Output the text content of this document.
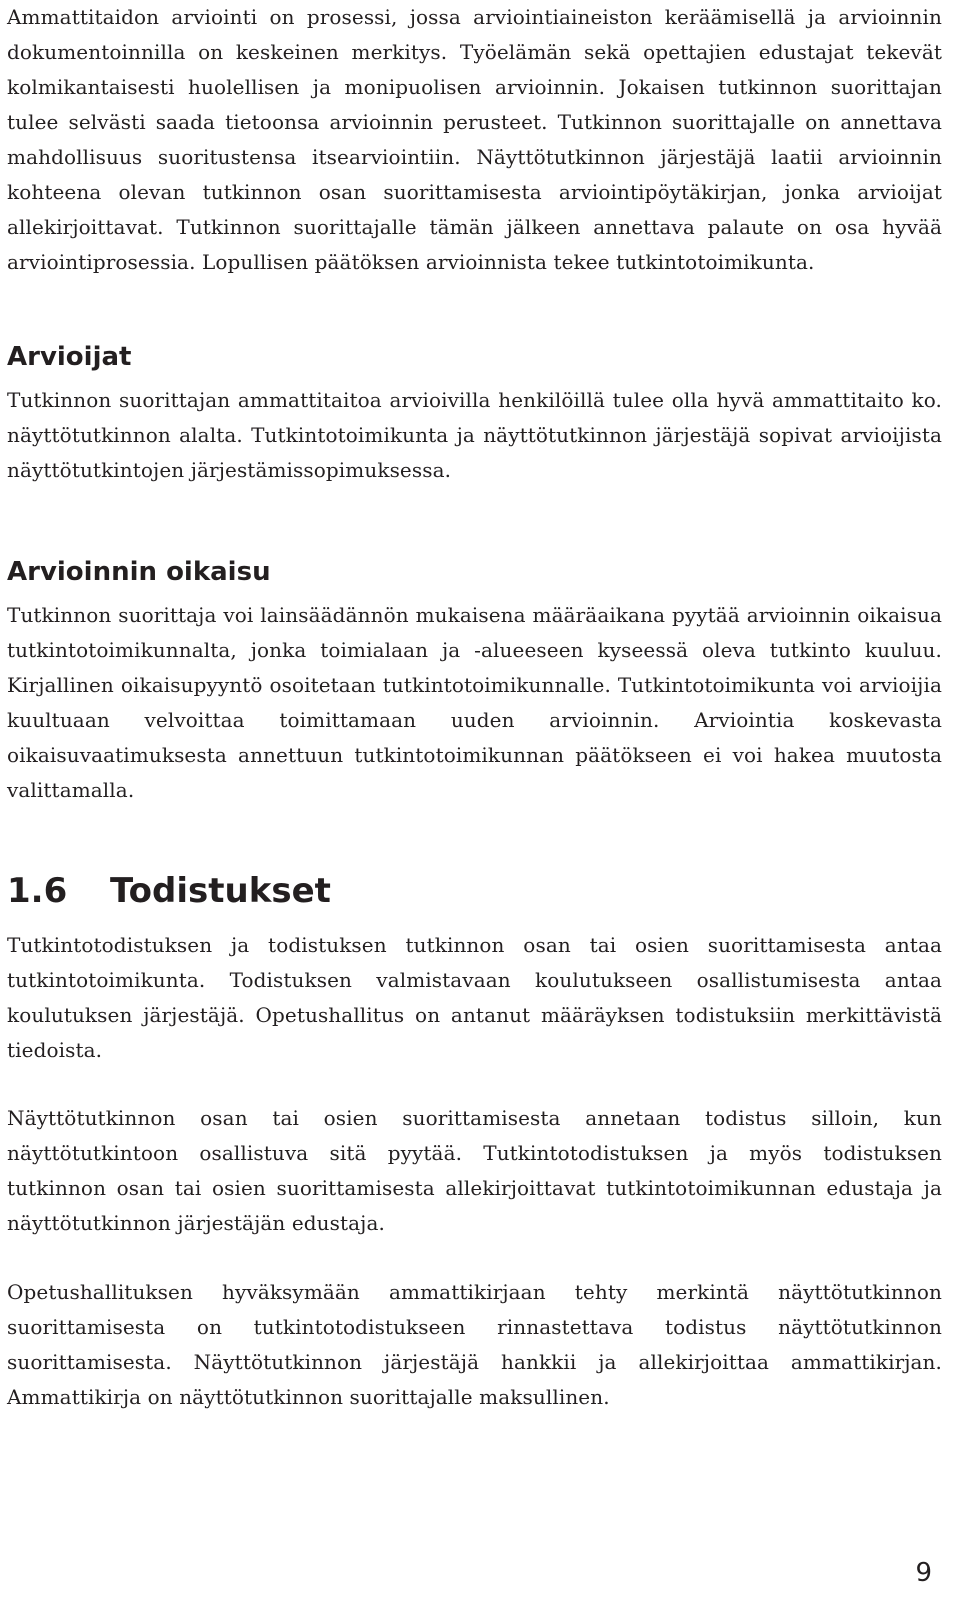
Ammattitaidon arviointi on prosessi, jossa arviointiaineiston keräämisellä ja arvioinnin dokumentoinnilla on keskeinen merkitys. Työelämän sekä opettajien edustajat tekevät kolmikantaisesti huolellisen ja monipuolisen arvioinnin. Jokaisen tutkinnon suorittajan tulee selvästi saada tietoonsa arvioinnin perusteet. Tutkinnon suorittajalle on annettava mahdollisuus suoritustensa itsearviointiin. Näyttötutkinnon järjestäjä laatii arvioinnin kohteena olevan tutkinnon osan suorittamisesta arviointipöytäkirjan, jonka arvioijat allekirjoittavat. Tutkinnon suorittajalle tämän jälkeen annettava palaute on osa hyvää arviointiprosessia. Lopullisen päätöksen arvioinnista tekee tutkintotoimikunta.

Arvioijat

Tutkinnon suorittajan ammattitaitoa arvioivilla henkilöillä tulee olla hyvä ammattitaito ko. näyttötutkinnon alalta. Tutkintotoimikunta ja näyttötutkinnon järjestäjä sopivat arvioijista näyttötutkintojen järjestämissopimuksessa.

Arvioinnin oikaisu

Tutkinnon suorittaja voi lainsäädännön mukaisena määräaikana pyytää arvioinnin oikaisua tutkintotoimikunnalta, jonka toimialaan ja -alueeseen kyseessä oleva tutkinto kuuluu. Kirjallinen oikaisupyyntö osoitetaan tutkintotoimikunnalle. Tutkintotoimikunta voi arvioijia kuultuaan velvoittaa toimittamaan uuden arvioinnin. Arviointia koskevasta oikaisuvaatimuksesta annettuun tutkintotoimikunnan päätökseen ei voi hakea muutosta valittamalla.

1.6	Todistukset

Tutkintotodistuksen ja todistuksen tutkinnon osan tai osien suorittamisesta antaa tutkintotoimikunta. Todistuksen valmistavaan koulutukseen osallistumisesta antaa koulutuksen järjestäjä. Opetushallitus on antanut määräyksen todistuksiin merkittävistä tiedoista.

Näyttötutkinnon osan tai osien suorittamisesta annetaan todistus silloin, kun näyttötutkintoon osallistuva sitä pyytää. Tutkintotodistuksen ja myös todistuksen tutkinnon osan tai osien suorittamisesta allekirjoittavat tutkintotoimikunnan edustaja ja näyttötutkinnon järjestäjän edustaja.

Opetushallituksen hyväksymään ammattikirjaan tehty merkintä näyttötutkinnon suorittamisesta on tutkintotodistukseen rinnastettava todistus näyttötutkinnon suorittamisesta. Näyttötutkinnon järjestäjä hankkii ja allekirjoittaa ammattikirjan. Ammattikirja on näyttötutkinnon suorittajalle maksullinen.

9
